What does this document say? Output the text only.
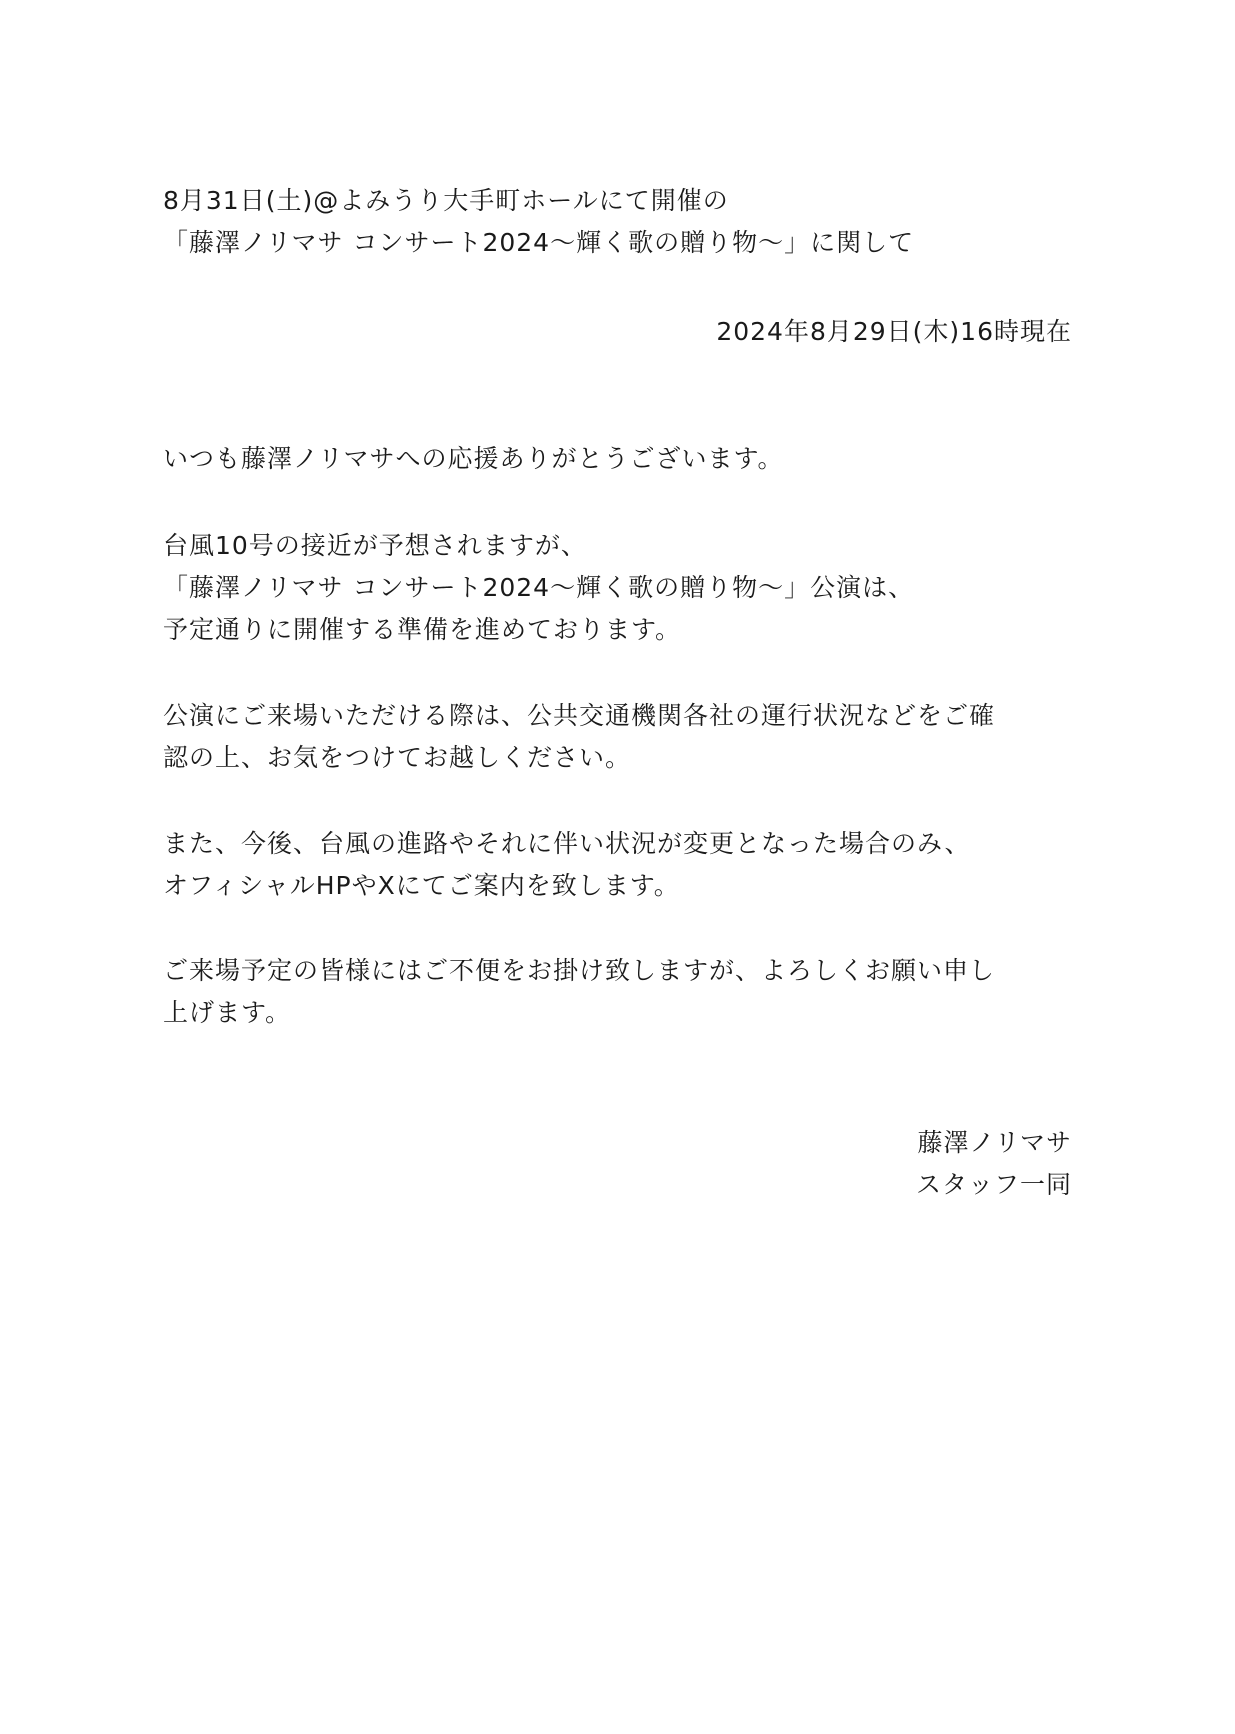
8月31日(土)@よみうり大手町ホールにて開催の
「藤澤ノリマサ コンサート2024〜輝く歌の贈り物〜」に関して
2024年8月29日(木)16時現在
いつも藤澤ノリマサへの応援ありがとうございます。
台風10号の接近が予想されますが、
「藤澤ノリマサ コンサート2024〜輝く歌の贈り物〜」公演は、
予定通りに開催する準備を進めております。
公演にご来場いただける際は、公共交通機関各社の運行状況などをご確
認の上、お気をつけてお越しください。
また、今後、台風の進路やそれに伴い状況が変更となった場合のみ、
オフィシャルHPやXにてご案内を致します。
ご来場予定の皆様にはご不便をお掛け致しますが、よろしくお願い申し
上げます。
藤澤ノリマサ
スタッフ一同
